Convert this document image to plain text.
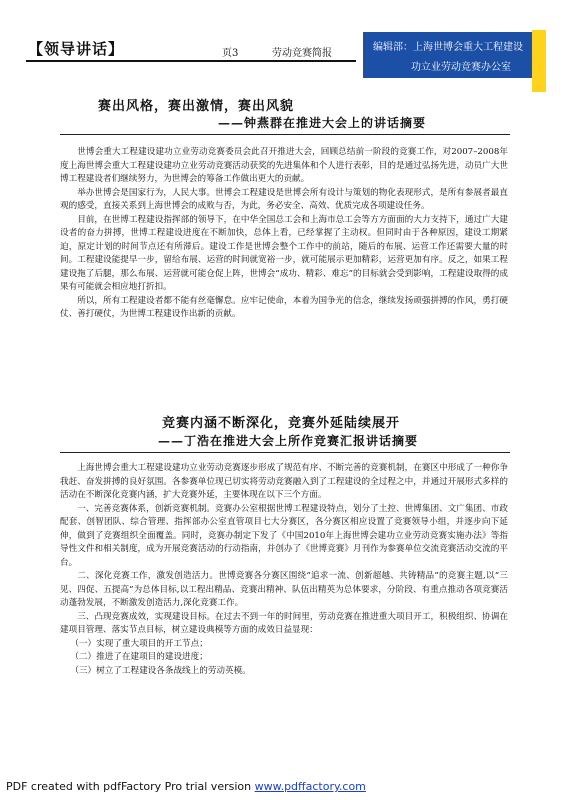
【领导讲话】	页3	劳动竞赛简报
编辑部：上海世博会重大工程建设
功立业劳动竞赛办公室
赛出风格，赛出激情，赛出风貌
——钟燕群在推进大会上的讲话摘要

世博会重大工程建设建功立业劳动竞赛委员会此召开推进大会，回顾总结前一阶段的竞赛工作，对2007–2008年度上海世博会重大工程建设建功立业劳动竞赛活动获奖的先进集体和个人进行表彰，目的是通过弘扬先进，动员广大世博工程建设者们继续努力，为世博会的筹备工作做出更大的贡献。

举办世博会是国家行为，人民大事。世博会工程建设是世博会所有设计与策划的物化表现形式，是所有参展者最直观的感受，直接关系到上海世博会的成败与否，为此，务必安全、高效、优质完成各项建设任务。

目前，在世博工程建设指挥部的领导下，在中华全国总工会和上海市总工会等方方面面的大力支持下，通过广大建设者的奋力拼搏，世博工程建设进度在不断加快，总体上看，已经掌握了主动权。但同时由于各种原因，建设工期紧迫，原定计划的时间节点还有所滞后。建设工作是世博会整个工作中的前站，随后的布展、运营工作还需要大量的时间。工程建设能提早一步，留给布展、运营的时间就宽裕一步，就可能展示更加精彩，运营更加有序。反之，如果工程建设拖了后腿，那么布展、运营就可能仓促上阵，世博会“成功、精彩、难忘”的目标就会受到影响，工程建设取得的成果有可能就会相应地打折扣。

所以，所有工程建设者都不能有丝毫懈怠。应牢记使命，本着为国争光的信念，继续发扬顽强拼搏的作风，勇打硬仗、善打硬仗，为世博工程建设作出新的贡献。

竞赛内涵不断深化，竞赛外延陆续展开
——丁浩在推进大会上所作竞赛汇报讲话摘要

上海世博会重大工程建设建功立业劳动竞赛逐步形成了规范有序、不断完善的竞赛机制，在赛区中形成了一种你争我赶、奋发拼搏的良好氛围。各参赛单位现已切实将劳动竞赛融入到了工程建设的全过程之中，并通过开展形式多样的活动在不断深化竞赛内涵，扩大竞赛外延，主要体现在以下三个方面。

一、完善竞赛体系，创新竞赛机制。竞赛办公室根据世博工程建设特点，划分了土控、世博集团、文广集团、市政配套、创智团队、综合管理、指挥部办公室直管项目七大分赛区，各分赛区相应设置了竞赛领导小组，并逐步向下延伸，做到了竞赛组织全面覆盖。同时，竞赛办制定下发了《中国2010年上海世博会建功立业劳动竞赛实施办法》等指导性文件和相关制度，成为开展竞赛活动的行动指南，并创办了《世博竞赛》月刊作为参赛单位交流竞赛活动交流的平台。

二、深化竞赛工作，激发创造活力。世博竞赛各分赛区围绕“追求一流、创新超越、共铸精品”的竞赛主题,以“三见、四促、五提高”为总体目标,以工程出精品、竞赛出精神、队伍出精英为总体要求，分阶段、有重点推动各项竞赛活动蓬勃发展，不断激发创造活力,深化竞赛工作。

三、凸现竞赛成效，实现建设目标。在过去不到一年的时间里，劳动竞赛在推进重大项目开工，积极组织、协调在建项目管理、落实节点目标，树立建设典模等方面的成效日益显现：

（一）实现了重大项目的开工节点；

（二）推进了在建项目的建设进度；

（三）树立了工程建设各条战线上的劳动英模。

PDF created with pdfFactory Pro trial version www.pdffactory.com
